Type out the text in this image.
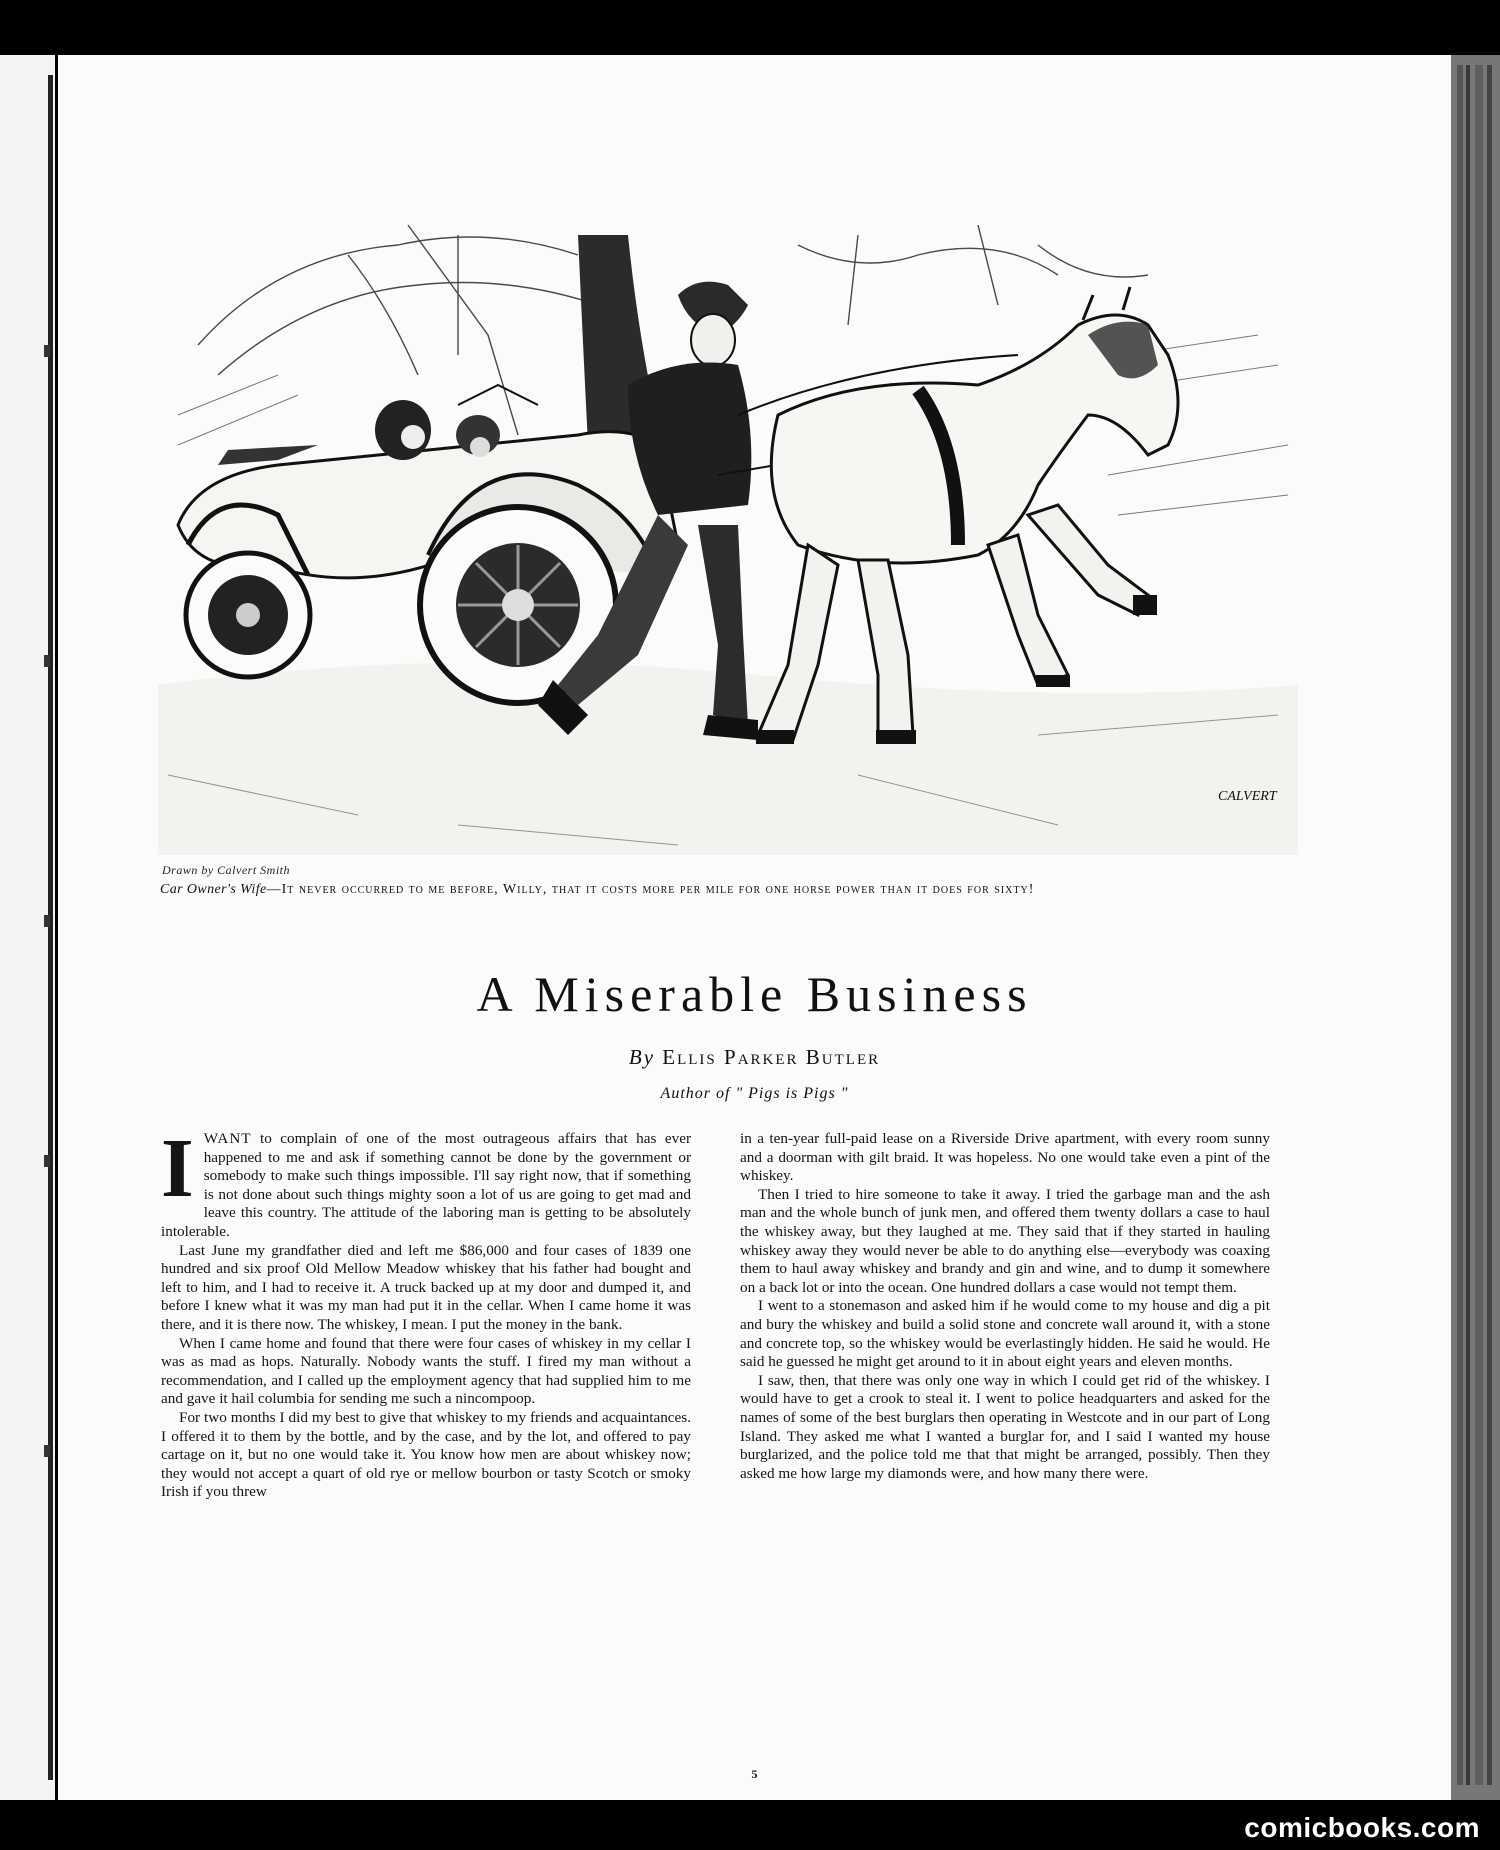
CALVERT
Drawn by Calvert Smith
Car Owner's Wife—It never occurred to me before, Willy, that it costs more per mile for one horse power than it does for sixty!
A Miserable Business
By Ellis Parker Butler
Author of " Pigs is Pigs "

IWANT to complain of one of the most outrageous affairs that has ever happened to me and ask if something cannot be done by the government or somebody to make such things impossible. I'll say right now, that if something is not done about such things mighty soon a lot of us are going to get mad and leave this country. The attitude of the laboring man is getting to be absolutely intolerable.

Last June my grandfather died and left me $86,000 and four cases of 1839 one hundred and six proof Old Mellow Meadow whiskey that his father had bought and left to him, and I had to receive it. A truck backed up at my door and dumped it, and before I knew what it was my man had put it in the cellar. When I came home it was there, and it is there now. The whiskey, I mean. I put the money in the bank.

When I came home and found that there were four cases of whiskey in my cellar I was as mad as hops. Naturally. Nobody wants the stuff. I fired my man without a recommendation, and I called up the employment agency that had supplied him to me and gave it hail columbia for sending me such a nincompoop.

For two months I did my best to give that whiskey to my friends and acquaintances. I offered it to them by the bottle, and by the case, and by the lot, and offered to pay cartage on it, but no one would take it. You know how men are about whiskey now; they would not accept a quart of old rye or mellow bourbon or tasty Scotch or smoky Irish if you threw

in a ten-year full-paid lease on a Riverside Drive apartment, with every room sunny and a doorman with gilt braid. It was hopeless. No one would take even a pint of the whiskey.

Then I tried to hire someone to take it away. I tried the garbage man and the ash man and the whole bunch of junk men, and offered them twenty dollars a case to haul the whiskey away, but they laughed at me. They said that if they started in hauling whiskey away they would never be able to do anything else—everybody was coaxing them to haul away whiskey and brandy and gin and wine, and to dump it somewhere on a back lot or into the ocean. One hundred dollars a case would not tempt them.

I went to a stonemason and asked him if he would come to my house and dig a pit and bury the whiskey and build a solid stone and concrete wall around it, with a stone and concrete top, so the whiskey would be everlastingly hidden. He said he would. He said he guessed he might get around to it in about eight years and eleven months.

I saw, then, that there was only one way in which I could get rid of the whiskey. I would have to get a crook to steal it. I went to police headquarters and asked for the names of some of the best burglars then operating in Westcote and in our part of Long Island. They asked me what I wanted a burglar for, and I said I wanted my house burglarized, and the police told me that that might be arranged, possibly. Then they asked me how large my diamonds were, and how many there were.

5
comicbooks.com
